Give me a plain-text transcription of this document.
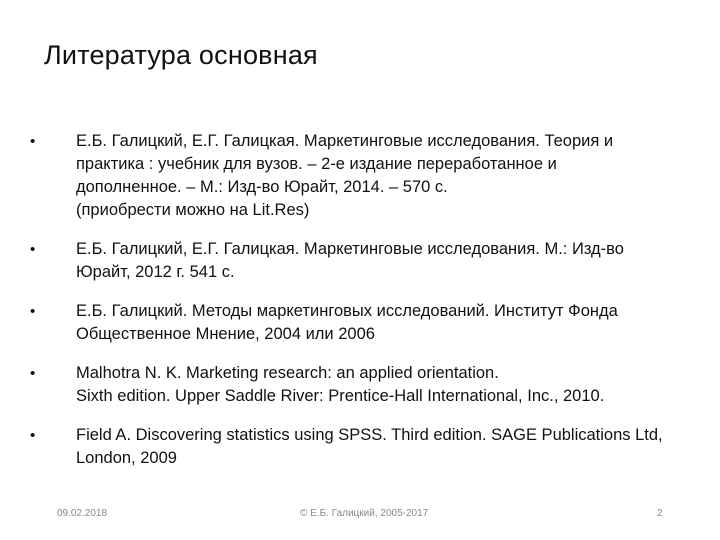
Литература основная
• Е.Б. Галицкий, Е.Г. Галицкая. Маркетинговые исследования. Теория и
практика : учебник для вузов. – 2-е издание переработанное и
дополненное. – М.: Изд-во Юрайт, 2014. – 570 с.
(приобрести можно на Lit.Res)
• Е.Б. Галицкий, Е.Г. Галицкая. Маркетинговые исследования. М.: Изд-во
Юрайт, 2012 г. 541 с.
• Е.Б. Галицкий. Методы маркетинговых исследований. Институт Фонда
Общественное Мнение, 2004 или 2006
• Malhotra N. K. Marketing research: an applied orientation.
Sixth edition. Upper Saddle River: Prentice-Hall International, Inc., 2010.
• Field A. Discovering statistics using SPSS. Third edition. SAGE Publications Ltd,
London, 2009
09.02.2018	© Е.Б. Галицкий, 2005-2017	2
